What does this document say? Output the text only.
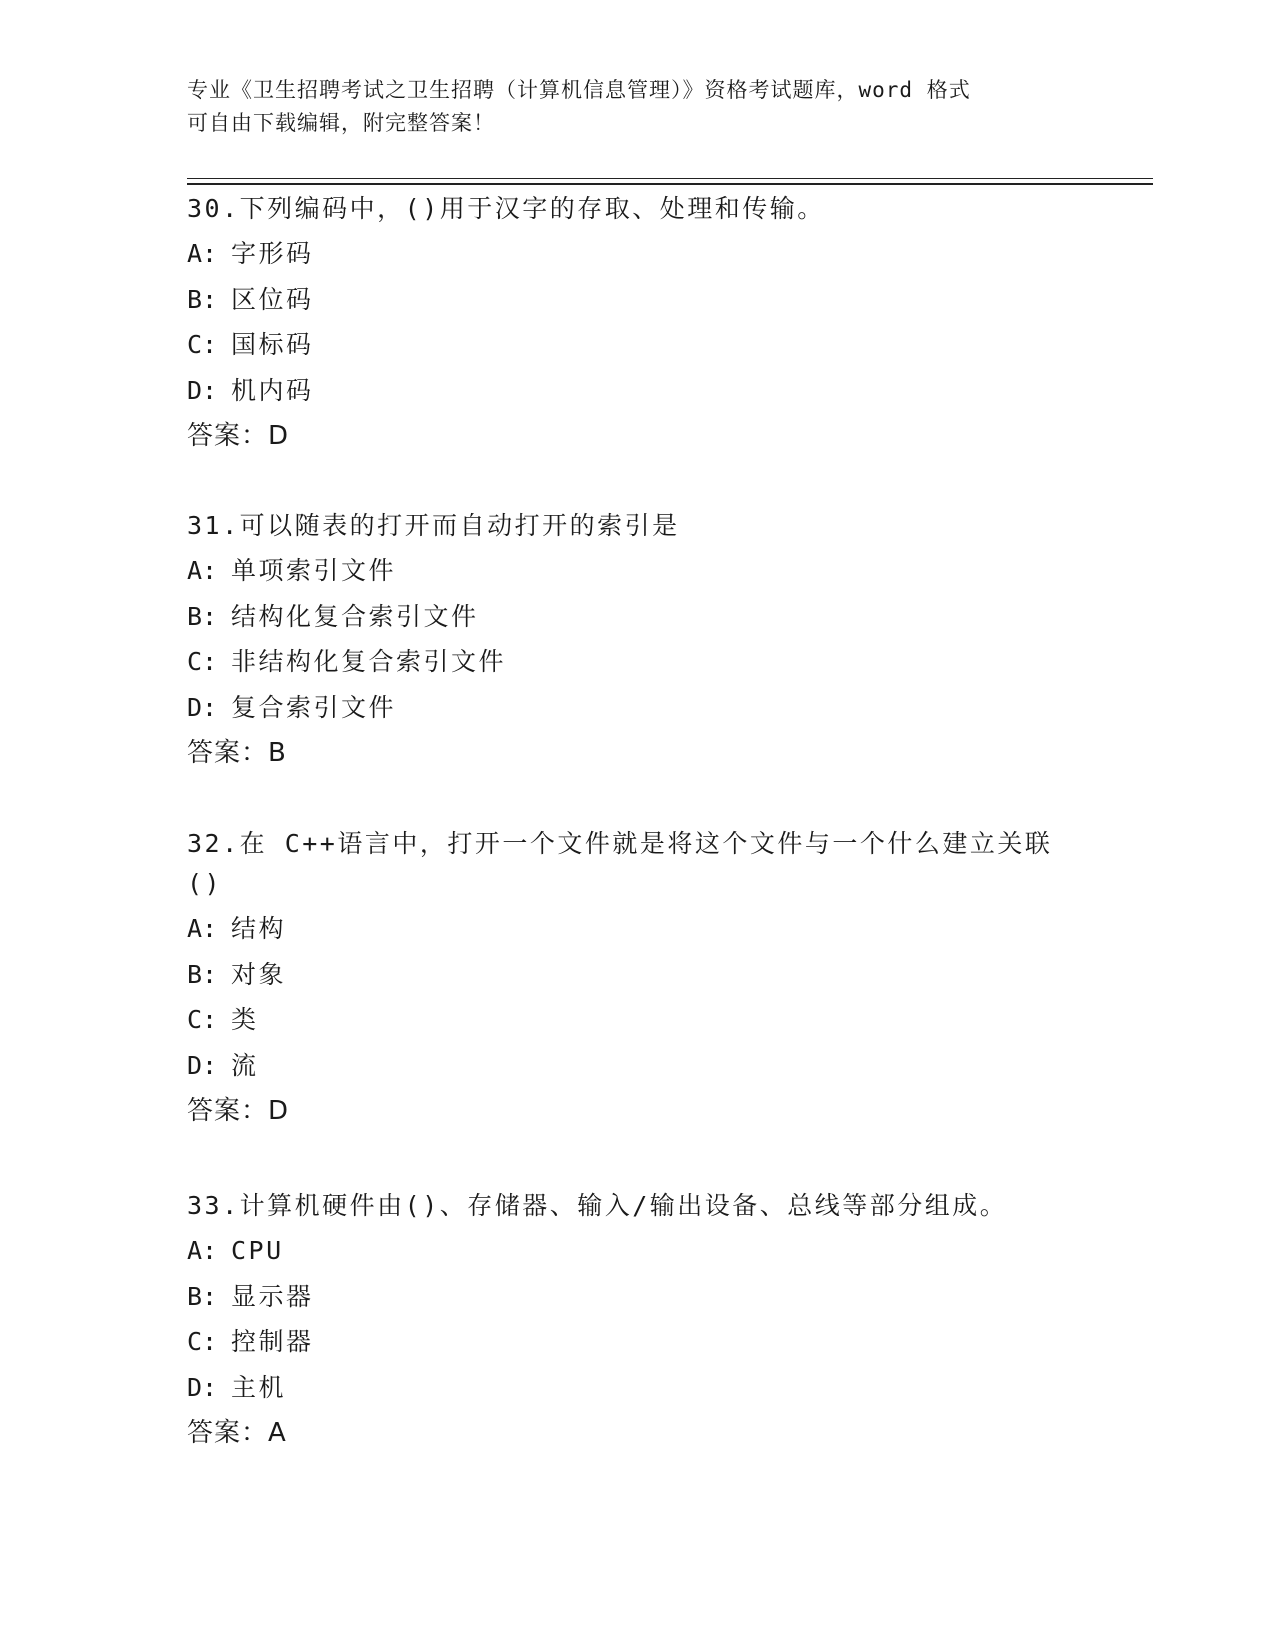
专业《卫生招聘考试之卫生招聘（计算机信息管理）》资格考试题库，word 格式
可自由下载编辑，附完整答案！
30.下列编码中，()用于汉字的存取、处理和传输。
A: 字形码
B: 区位码
C: 国标码
D: 机内码
答案：D
31.可以随表的打开而自动打开的索引是
A: 单项索引文件
B: 结构化复合索引文件
C: 非结构化复合索引文件
D: 复合索引文件
答案：B
32.在 C++语言中，打开一个文件就是将这个文件与一个什么建立关联
()
A: 结构
B: 对象
C: 类
D: 流
答案：D
33.计算机硬件由()、存储器、输入/输出设备、总线等部分组成。
A: CPU
B: 显示器
C: 控制器
D: 主机
答案：A
